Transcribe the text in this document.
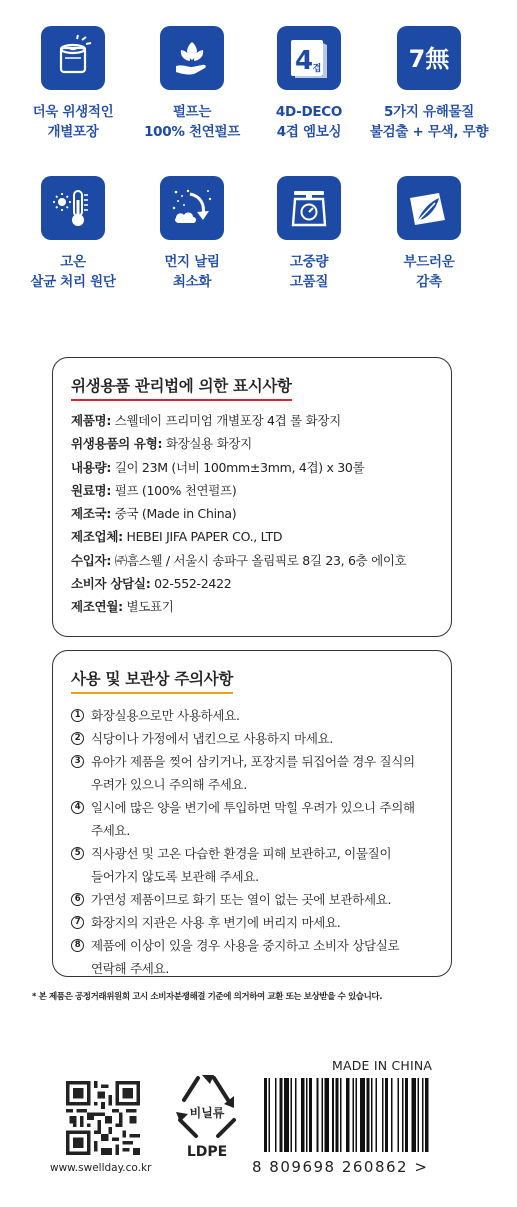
더욱 위생적인
개별포장
펄프는
100% 천연펄프
4 겹
4D-DECO
4겹 엠보싱
7無
5가지 유해물질
불검출 + 무색, 무향
고온
살균 처리 원단
먼지 날림
최소화
고중량
고품질
부드러운
감촉
위생용품 관리법에 의한 표시사항
제품명: 스웰데이 프리미엄 개별포장 4겹 롤 화장지
위생용품의 유형: 화장실용 화장지
내용량: 길이 23M (너비 100mm±3mm, 4겹) x 30롤
원료명: 펄프 (100% 천연펄프)
제조국: 중국 (Made in China)
제조업체: HEBEI JIFA PAPER CO., LTD
수입자: ㈜흠스웰 / 서울시 송파구 올림픽로 8길 23, 6층 에이호
소비자 상담실: 02-552-2422
제조연월: 별도표기
사용 및 보관상 주의사항
1 화장실용으로만 사용하세요.
2 식당이나 가정에서 냅킨으로 사용하지 마세요.
3 유아가 제품을 찢어 삼키거나, 포장지를 뒤집어쓸 경우 질식의
우려가 있으니 주의해 주세요.
4 일시에 많은 양을 변기에 투입하면 막힐 우려가 있으니 주의해
주세요.
5 직사광선 및 고온 다습한 환경을 피해 보관하고, 이물질이
들어가지 않도록 보관해 주세요.
6 가연성 제품이므로 화기 또는 열이 없는 곳에 보관하세요.
7 화장지의 지관은 사용 후 변기에 버리지 마세요.
8 제품에 이상이 있을 경우 사용을 중지하고 소비자 상담실로
연락해 주세요.
* 본 제품은 공정거래위원회 고시 소비자분쟁해결 기준에 의거하여 교환 또는 보상받을 수 있습니다.
www.swellday.co.kr
비닐류
LDPE
MADE IN CHINA
8 809698 260862 >
